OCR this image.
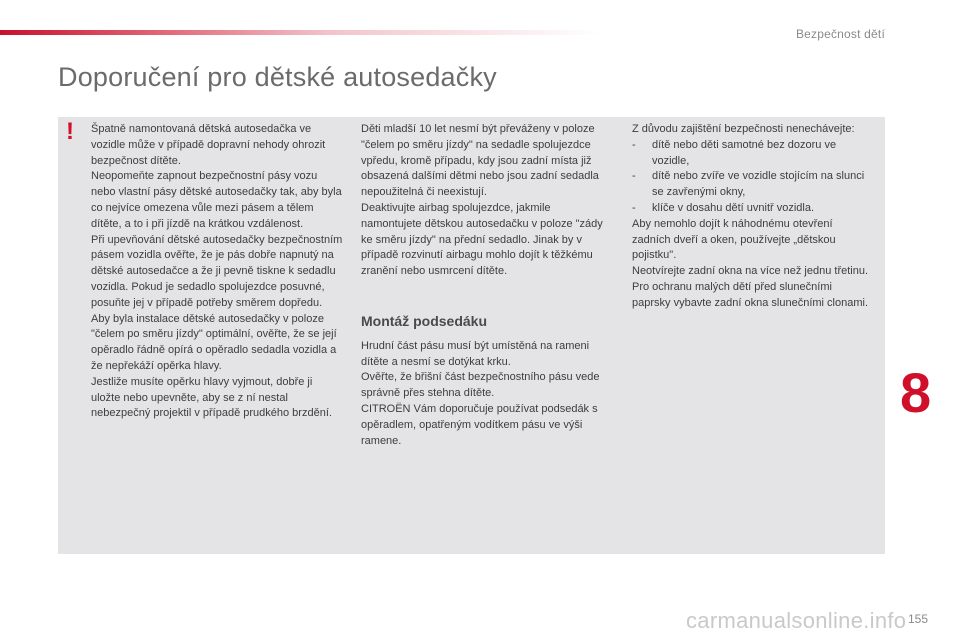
Bezpečnost dětí
Doporučení pro dětské autosedačky
! Špatně namontovaná dětská autosedačka ve vozidle může v případě dopravní nehody ohrozit bezpečnost dítěte.

Neopomeňte zapnout bezpečnostní pásy vozu nebo vlastní pásy dětské autosedačky tak, aby byla co nejvíce omezena vůle mezi pásem a tělem dítěte, a to i při jízdě na krátkou vzdálenost.

Při upevňování dětské autosedačky bezpečnostním pásem vozidla ověřte, že je pás dobře napnutý na dětské autosedačce a že ji pevně tiskne k sedadlu vozidla. Pokud je sedadlo spolujezdce posuvné, posuňte jej v případě potřeby směrem dopředu.

Aby byla instalace dětské autosedačky v poloze "čelem po směru jízdy" optimální, ověřte, že se její opěradlo řádně opírá o opěradlo sedadla vozidla a že nepřekáží opěrka hlavy.

Jestliže musíte opěrku hlavy vyjmout, dobře ji uložte nebo upevněte, aby se z ní nestal nebezpečný projektil v případě prudkého brzdění.

Děti mladší 10 let nesmí být převáženy v poloze "čelem po směru jízdy" na sedadle spolujezdce vpředu, kromě případu, kdy jsou zadní místa již obsazená dalšími dětmi nebo jsou zadní sedadla nepoužitelná či neexistují.

Deaktivujte airbag spolujezdce, jakmile namontujete dětskou autosedačku v poloze "zády ke směru jízdy" na přední sedadlo. Jinak by v případě rozvinutí airbagu mohlo dojít k těžkému zranění nebo usmrcení dítěte.

Montáž podsedáku

Hrudní část pásu musí být umístěná na rameni dítěte a nesmí se dotýkat krku.

Ověřte, že břišní část bezpečnostního pásu vede správně přes stehna dítěte.

CITROËN Vám doporučuje používat podsedák s opěradlem, opatřeným vodítkem pásu ve výši ramene.

Z důvodu zajištění bezpečnosti nenechávejte:

- dítě nebo děti samotné bez dozoru ve vozidle,
- dítě nebo zvíře ve vozidle stojícím na slunci se zavřenými okny,
- klíče v dosahu dětí uvnitř vozidla.

Aby nemohlo dojít k náhodnému otevření zadních dveří a oken, používejte „dětskou pojistku".

Neotvírejte zadní okna na více než jednu třetinu.

Pro ochranu malých dětí před slunečními paprsky vybavte zadní okna slunečními clonami.

8
carmanualsonline.info 155
